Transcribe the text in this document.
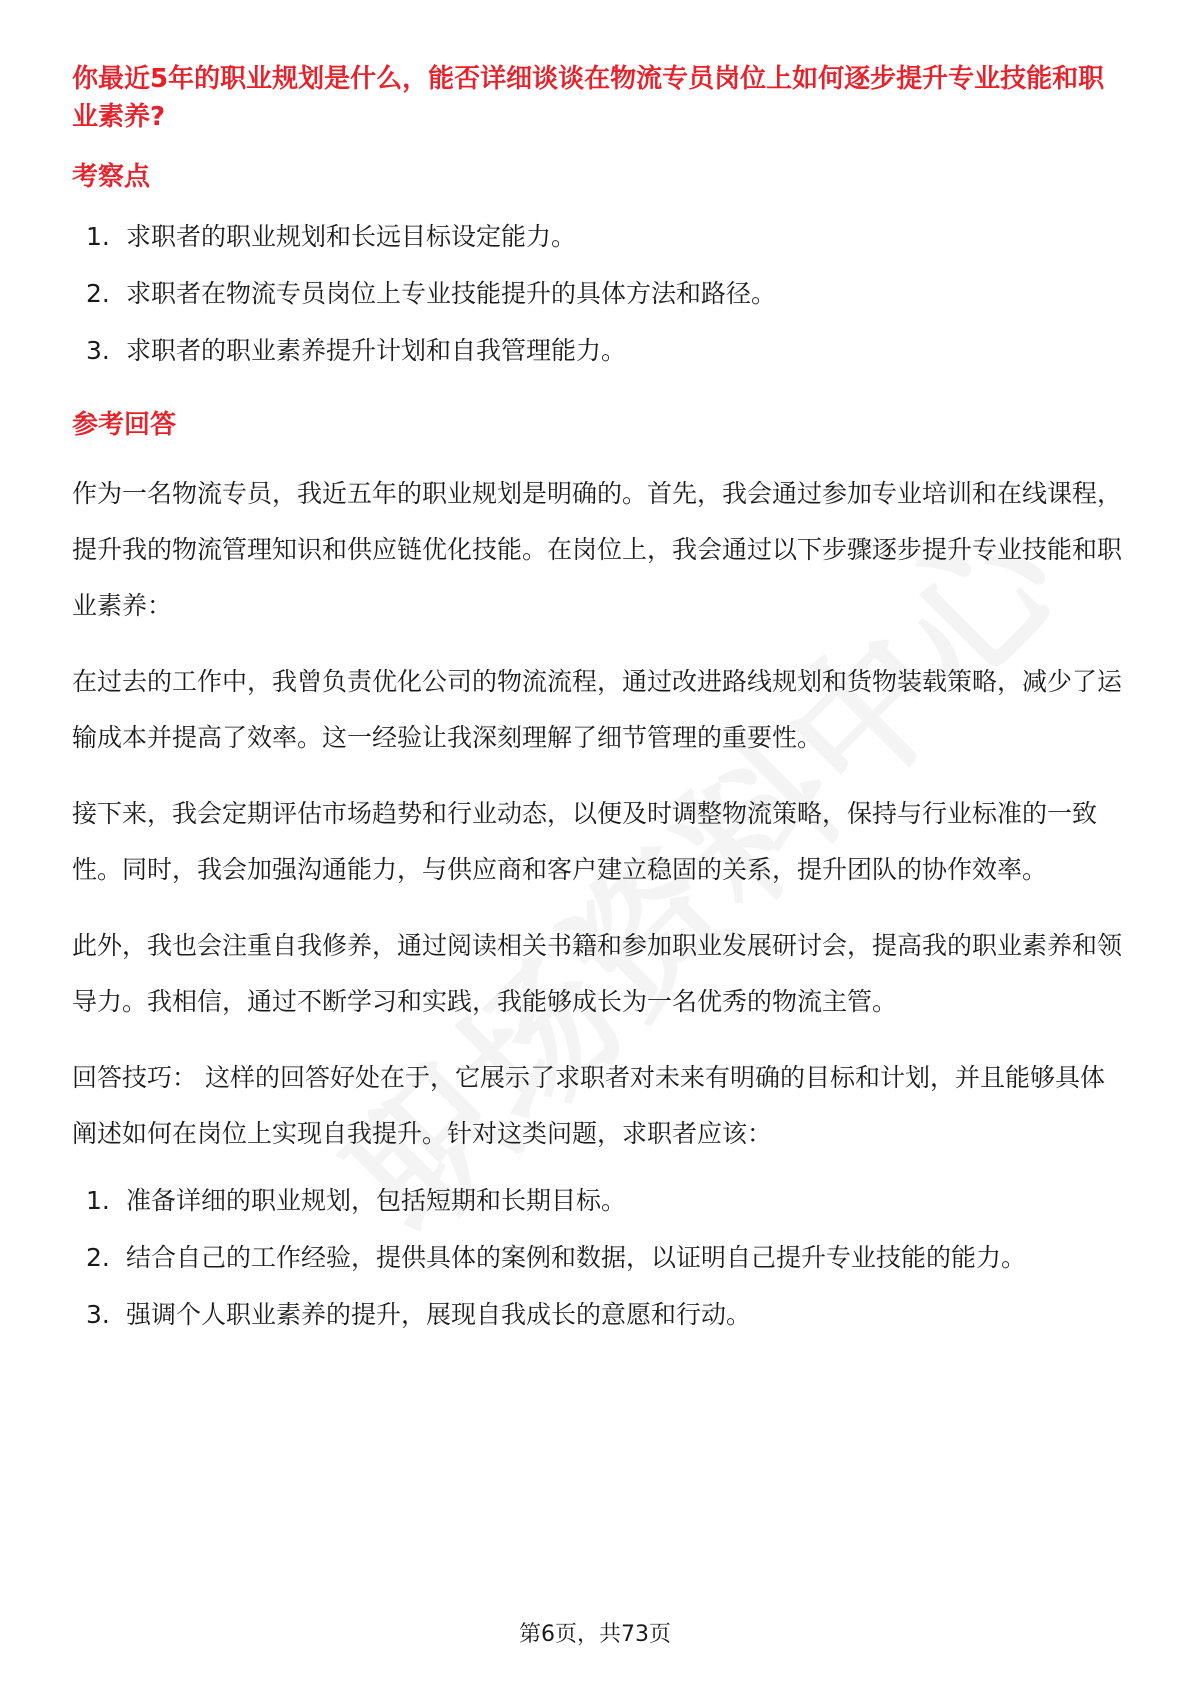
你最近5年的职业规划是什么，能否详细谈谈在物流专员岗位上如何逐步提升专业技能和职业素养?
考察点
1. 求职者的职业规划和长远目标设定能力。
2. 求职者在物流专员岗位上专业技能提升的具体方法和路径。
3. 求职者的职业素养提升计划和自我管理能力。
参考回答

作为一名物流专员，我近五年的职业规划是明确的。首先，我会通过参加专业培训和在线课程，提升我的物流管理知识和供应链优化技能。在岗位上，我会通过以下步骤逐步提升专业技能和职业素养：

在过去的工作中，我曾负责优化公司的物流流程，通过改进路线规划和货物装载策略，减少了运输成本并提高了效率。这一经验让我深刻理解了细节管理的重要性。

接下来，我会定期评估市场趋势和行业动态，以便及时调整物流策略，保持与行业标准的一致性。同时，我会加强沟通能力，与供应商和客户建立稳固的关系，提升团队的协作效率。

此外，我也会注重自我修养，通过阅读相关书籍和参加职业发展研讨会，提高我的职业素养和领导力。我相信，通过不断学习和实践，我能够成长为一名优秀的物流主管。

回答技巧： 这样的回答好处在于，它展示了求职者对未来有明确的目标和计划，并且能够具体阐述如何在岗位上实现自我提升。针对这类问题，求职者应该：

1. 准备详细的职业规划，包括短期和长期目标。
2. 结合自己的工作经验，提供具体的案例和数据，以证明自己提升专业技能的能力。
3. 强调个人职业素养的提升，展现自我成长的意愿和行动。
第6页，共73页
